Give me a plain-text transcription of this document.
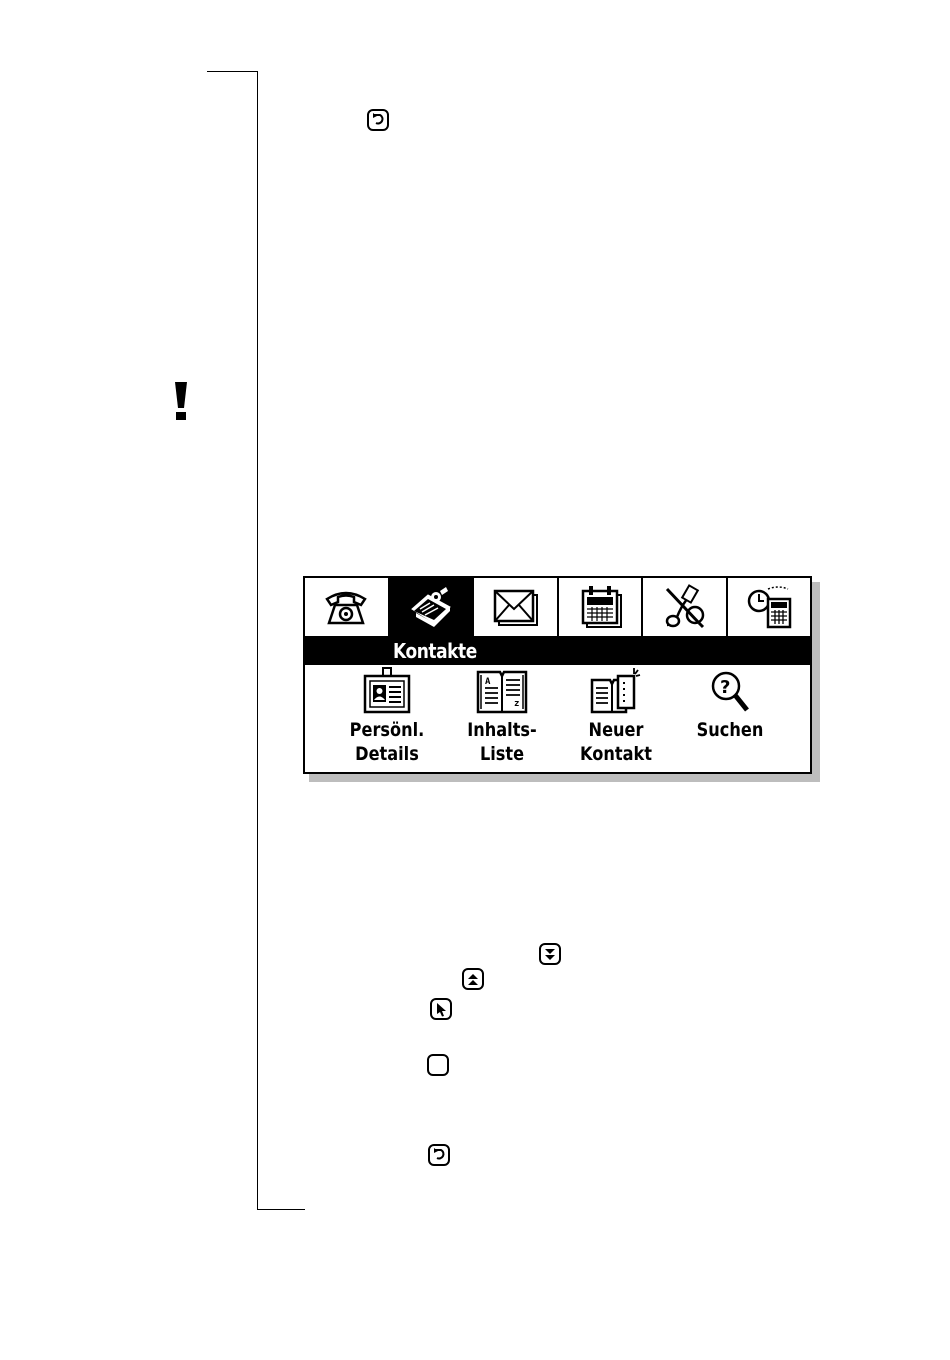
Kontakte
Persönl.
Details
A
z
Inhalts-
Liste
Neuer
Kontakt
?
Suchen
